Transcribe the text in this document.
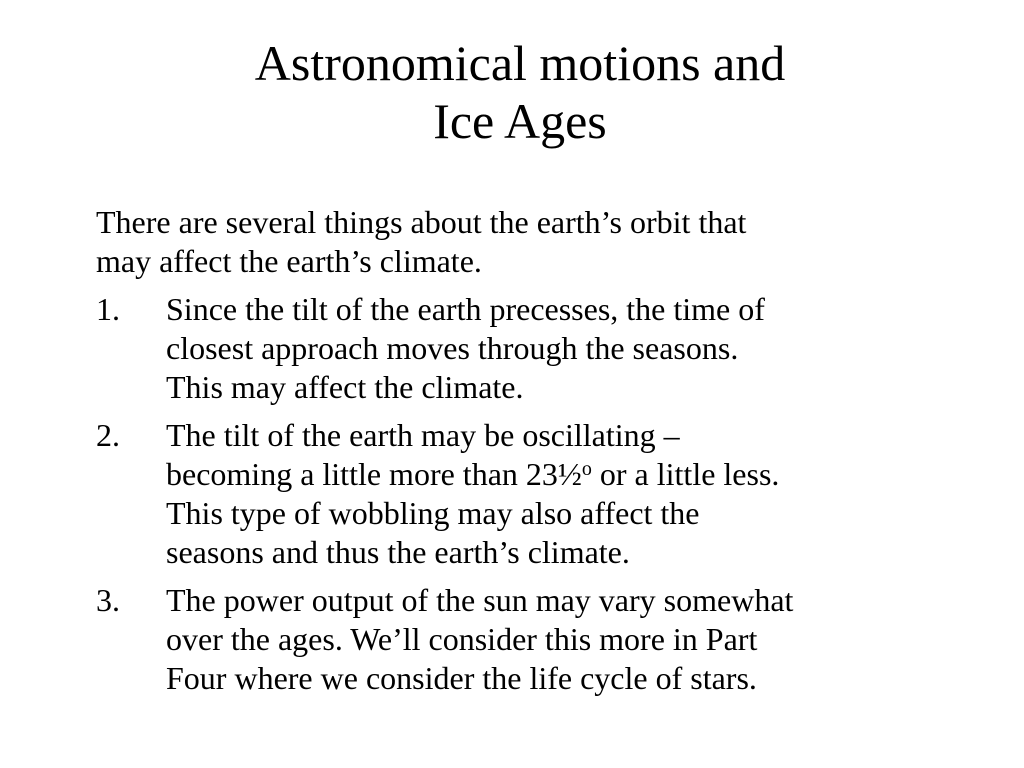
Astronomical motions and
Ice Ages

There are several things about the earth’s orbit that
may affect the earth’s climate.

1. Since the tilt of the earth precesses, the time of
closest approach moves through the seasons.
This may affect the climate.
2. The tilt of the earth may be oscillating –
becoming a little more than 23½$^o$ or a little less.
This type of wobbling may also affect the
seasons and thus the earth’s climate.
3. The power output of the sun may vary somewhat
over the ages. We’ll consider this more in Part
Four where we consider the life cycle of stars.
